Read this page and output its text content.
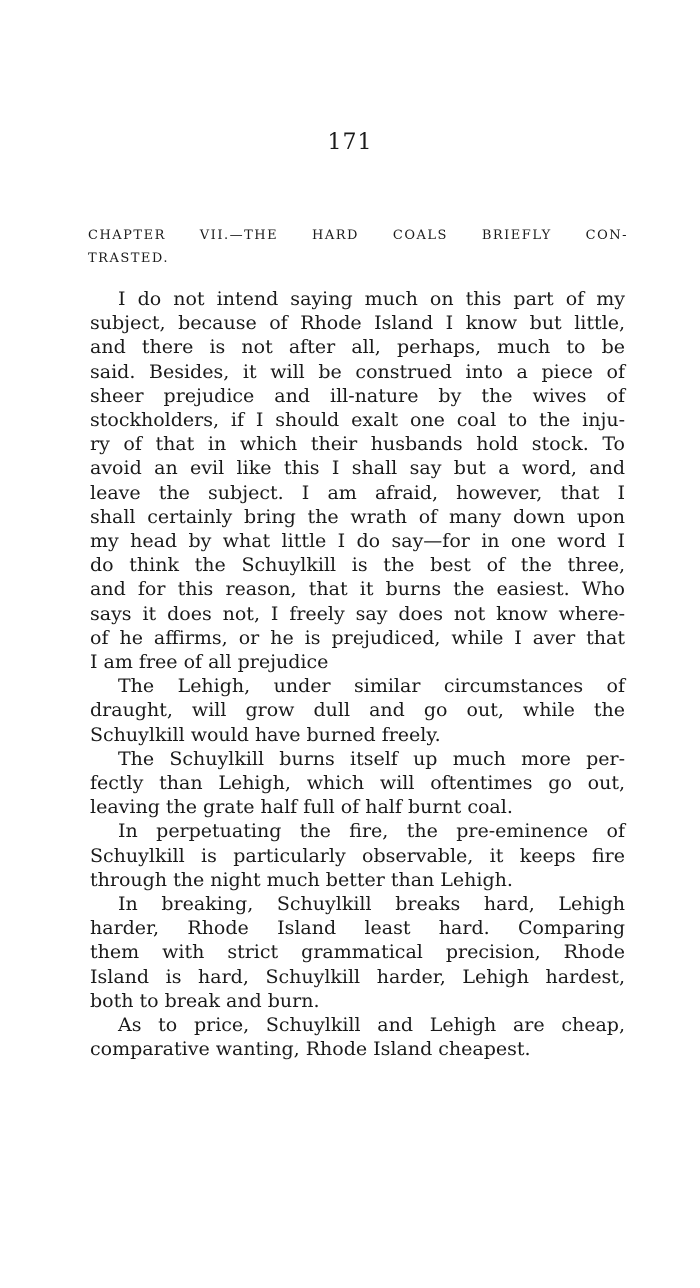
171
CHAPTER VII.—THE HARD COALS BRIEFLY CON-
TRASTED.
I do not intend saying much on this part of my
subject, because of Rhode Island I know but little,
and there is not after all, perhaps, much to be
said. Besides, it will be construed into a piece of
sheer prejudice and ill-nature by the wives of
stockholders, if I should exalt one coal to the inju-
ry of that in which their husbands hold stock. To
avoid an evil like this I shall say but a word, and
leave the subject. I am afraid, however, that I
shall certainly bring the wrath of many down upon
my head by what little I do say—for in one word I
do think the Schuylkill is the best of the three,
and for this reason, that it burns the easiest. Who
says it does not, I freely say does not know where-
of he affirms, or he is prejudiced, while I aver that
I am free of all prejudice
The Lehigh, under similar circumstances of
draught, will grow dull and go out, while the
Schuylkill would have burned freely.
The Schuylkill burns itself up much more per-
fectly than Lehigh, which will oftentimes go out,
leaving the grate half full of half burnt coal.
In perpetuating the fire, the pre-eminence of
Schuylkill is particularly observable, it keeps fire
through the night much better than Lehigh.
In breaking, Schuylkill breaks hard, Lehigh
harder, Rhode Island least hard. Comparing
them with strict grammatical precision, Rhode
Island is hard, Schuylkill harder, Lehigh hardest,
both to break and burn.
As to price, Schuylkill and Lehigh are cheap,
comparative wanting, Rhode Island cheapest.
